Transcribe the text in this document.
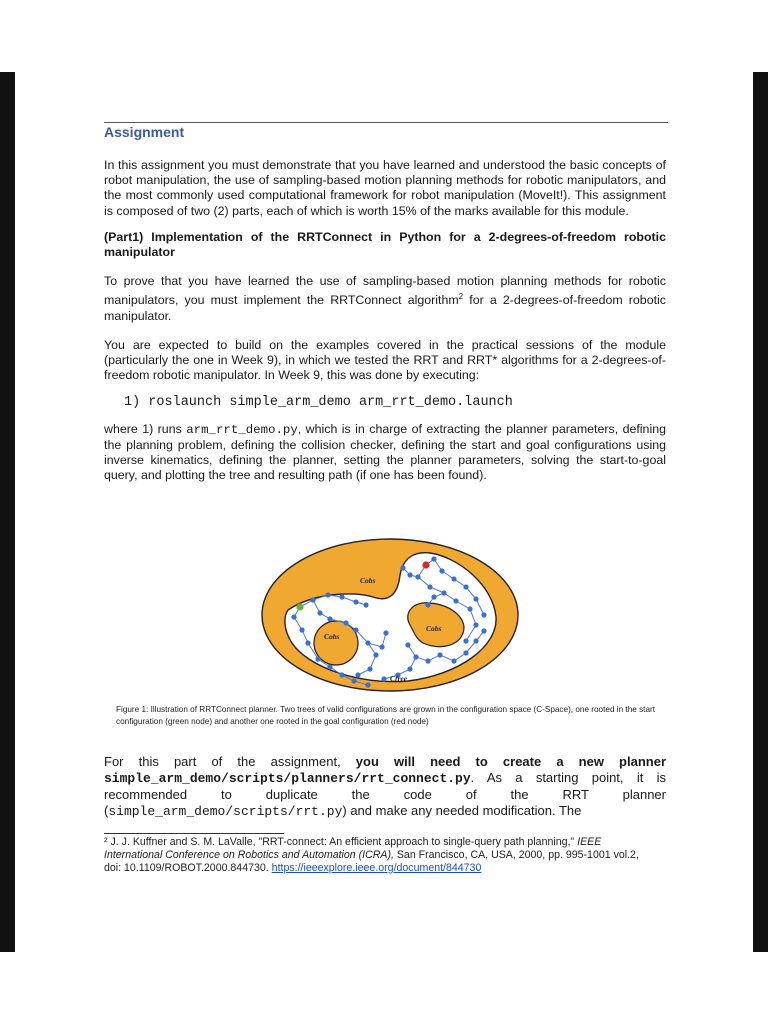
Assignment

In this assignment you must demonstrate that you have learned and understood the basic concepts of robot manipulation, the use of sampling-based motion planning methods for robotic manipulators, and the most commonly used computational framework for robot manipulation (MoveIt!). This assignment is composed of two (2) parts, each of which is worth 15% of the marks available for this module.

(Part1) Implementation of the RRTConnect in Python for a 2-degrees-of-freedom robotic manipulator

To prove that you have learned the use of sampling-based motion planning methods for robotic manipulators, you must implement the RRTConnect algorithm$^2$ for a 2-degrees-of-freedom robotic manipulator.

You are expected to build on the examples covered in the practical sessions of the module (particularly the one in Week 9), in which we tested the RRT and RRT* algorithms for a 2-degrees-of-freedom robotic manipulator. In Week 9, this was done by executing:

1) roslaunch simple_arm_demo arm_rrt_demo.launch

where 1) runs arm_rrt_demo.py, which is in charge of extracting the planner parameters, defining the planning problem, defining the collision checker, defining the start and goal configurations using inverse kinematics, defining the planner, setting the planner parameters, solving the start-to-goal query, and plotting the tree and resulting path (if one has been found).

Cobs
Cobs
Cobs
Cfree

Figure 1: Illustration of RRTConnect planner. Two trees of valid configurations are grown in the configuration space (C-Space), one rooted in the start configuration (green node) and another one rooted in the goal configuration (red node)

For this part of the assignment, you will need to create a new planner simple_arm_demo/scripts/planners/rrt_connect.py. As a starting point, it is recommended to duplicate the code of the RRT planner (simple_arm_demo/scripts/rrt.py) and make any needed modification. The

² J. J. Kuffner and S. M. LaValle, "RRT-connect: An efficient approach to single-query path planning," IEEE International Conference on Robotics and Automation (ICRA), San Francisco, CA, USA, 2000, pp. 995-1001 vol.2, doi: 10.1109/ROBOT.2000.844730. https://ieeexplore.ieee.org/document/844730
